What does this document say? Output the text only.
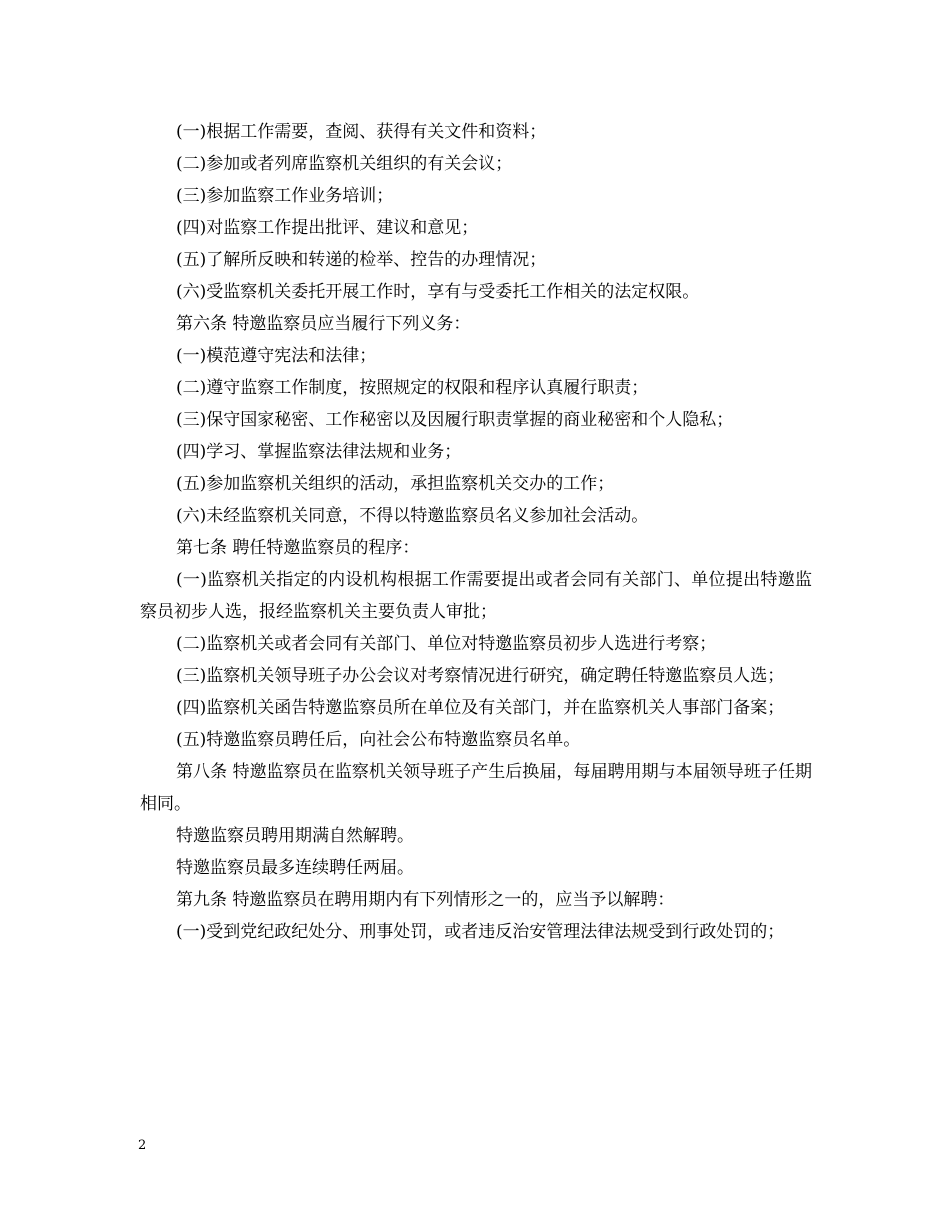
(一)根据工作需要，查阅、获得有关文件和资料；

(二)参加或者列席监察机关组织的有关会议；

(三)参加监察工作业务培训；

(四)对监察工作提出批评、建议和意见；

(五)了解所反映和转递的检举、控告的办理情况；

(六)受监察机关委托开展工作时，享有与受委托工作相关的法定权限。

第六条 特邀监察员应当履行下列义务：

(一)模范遵守宪法和法律；

(二)遵守监察工作制度，按照规定的权限和程序认真履行职责；

(三)保守国家秘密、工作秘密以及因履行职责掌握的商业秘密和个人隐私；

(四)学习、掌握监察法律法规和业务；

(五)参加监察机关组织的活动，承担监察机关交办的工作；

(六)未经监察机关同意，不得以特邀监察员名义参加社会活动。

第七条 聘任特邀监察员的程序：

(一)监察机关指定的内设机构根据工作需要提出或者会同有关部门、单位提出特邀监察员初步人选，报经监察机关主要负责人审批；

(二)监察机关或者会同有关部门、单位对特邀监察员初步人选进行考察；

(三)监察机关领导班子办公会议对考察情况进行研究，确定聘任特邀监察员人选；

(四)监察机关函告特邀监察员所在单位及有关部门，并在监察机关人事部门备案；

(五)特邀监察员聘任后，向社会公布特邀监察员名单。

第八条 特邀监察员在监察机关领导班子产生后换届，每届聘用期与本届领导班子任期相同。

特邀监察员聘用期满自然解聘。

特邀监察员最多连续聘任两届。

第九条 特邀监察员在聘用期内有下列情形之一的，应当予以解聘：

(一)受到党纪政纪处分、刑事处罚，或者违反治安管理法律法规受到行政处罚的；

2
